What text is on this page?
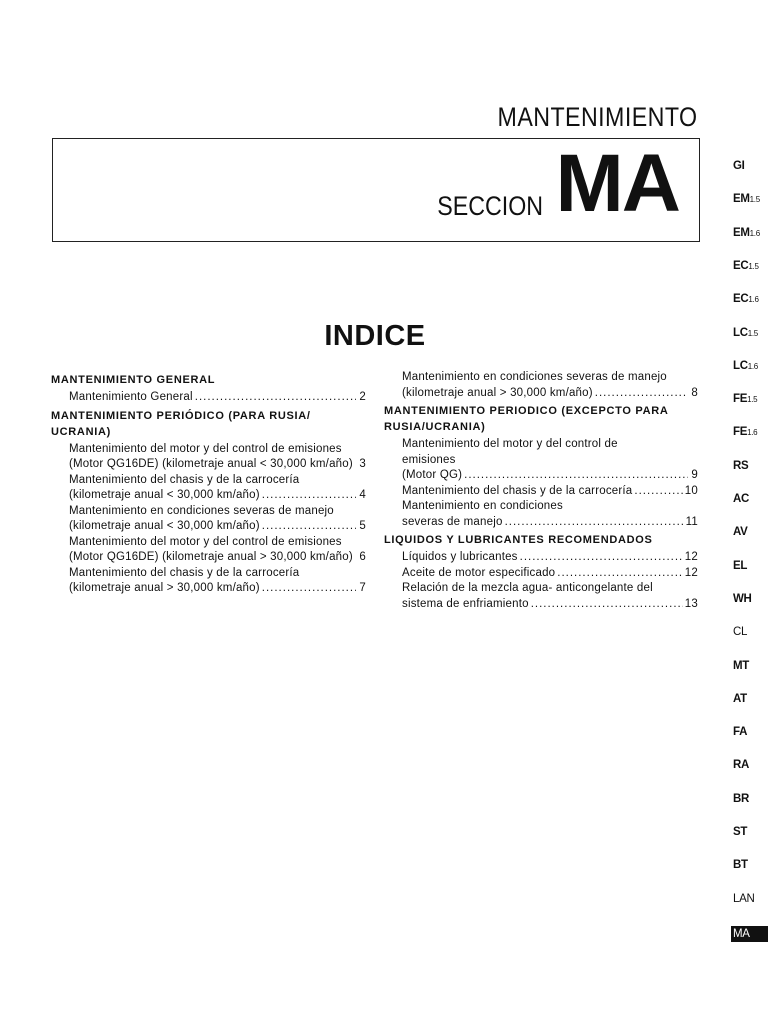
MANTENIMIENTO
SECCION MA
INDICE
MANTENIMIENTO GENERAL
Mantenimiento General .....	2
MANTENIMIENTO PERIÓDICO (PARA RUSIA/ UCRANIA)
Mantenimiento del motor y del control de emisiones
(Motor QG16DE) (kilometraje anual < 30,000 km/año) 3
Mantenimiento del chasis y de la carrocería
(kilometraje anual < 30,000 km/año) .....	4
Mantenimiento en condiciones severas de manejo
(kilometraje anual < 30,000 km/año) .....	5
Mantenimiento del motor y del control de emisiones
(Motor QG16DE) (kilometraje anual > 30,000 km/año) 6
Mantenimiento del chasis y de la carrocería
(kilometraje anual > 30,000 km/año) .....	7
Mantenimiento en condiciones severas de manejo
(kilometraje anual > 30,000 km/año) .....	8
MANTENIMIENTO PERIODICO (EXCEPCTO PARA RUSIA/UCRANIA)
Mantenimiento del motor y del control de
emisiones
(Motor QG) .....	9
Mantenimiento del chasis y de la carrocería .....	10
Mantenimiento en condiciones
severas de manejo .....	11
LIQUIDOS Y LUBRICANTES RECOMENDADOS
Líquidos y lubricantes .....	12
Aceite de motor especificado .....	12
Relación de la mezcla agua- anticongelante del
sistema de enfriamiento .....	13
GI
EM1.5
EM1.6
EC1.5
EC1.6
LC1.5
LC1.6
FE1.5
FE1.6
RS
AC
AV
EL
WH
CL
MT
AT
FA
RA
BR
ST
BT
LAN
MA
